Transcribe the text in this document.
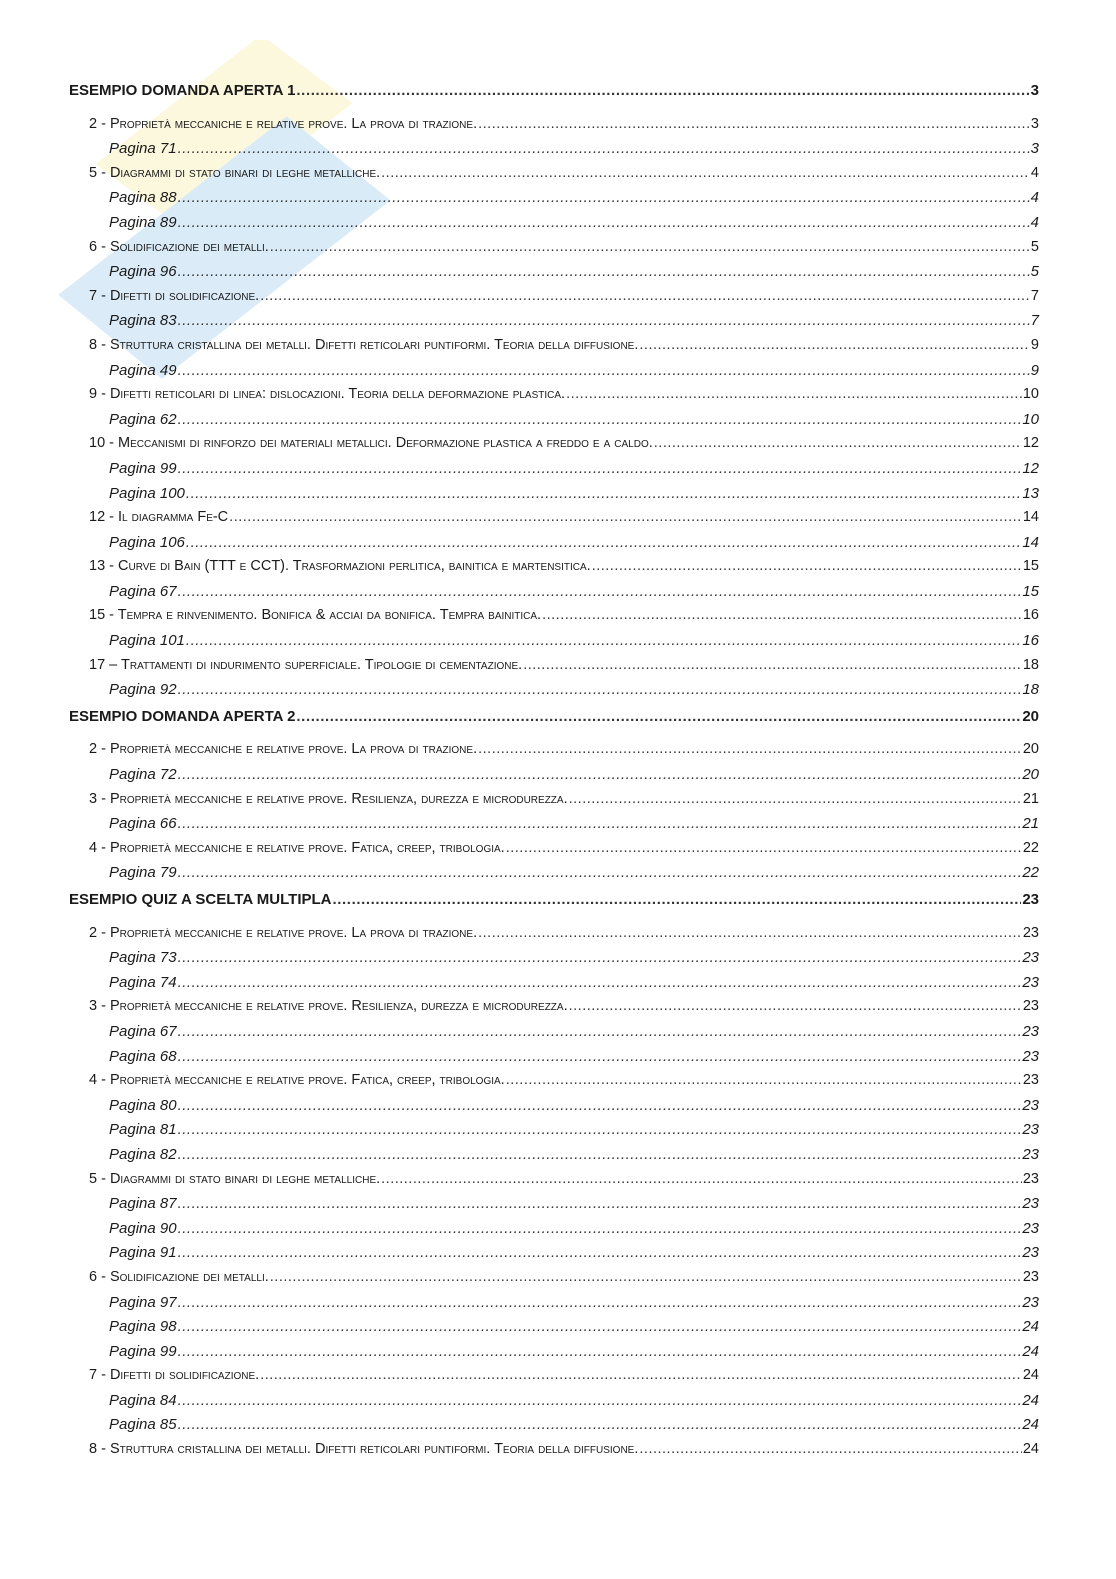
ESEMPIO DOMANDA APERTA 1 .....	3
2 - Proprietà meccaniche e relative prove. La prova di trazione. .....	3
Pagina 71 .....	3
5 - Diagrammi di stato binari di leghe metalliche. .....	4
Pagina 88 .....	4
Pagina 89 .....	4
6 - Solidificazione dei metalli. .....	5
Pagina 96 .....	5
7 - Difetti di solidificazione. .....	7
Pagina 83 .....	7
8 - Struttura cristallina dei metalli. Difetti reticolari puntiformi. Teoria della diffusione. .....	9
Pagina 49 .....	9
9 - Difetti reticolari di linea: dislocazioni. Teoria della deformazione plastica. .....	10
Pagina 62 .....	10
10 - Meccanismi di rinforzo dei materiali metallici. Deformazione plastica a freddo e a caldo. .....	12
Pagina 99 .....	12
Pagina 100 .....	13
12 - Il diagramma Fe-C .....	14
Pagina 106 .....	14
13 - Curve di Bain (TTT e CCT). Trasformazioni perlitica, bainitica e martensitica. .....	15
Pagina 67 .....	15
15 - Tempra e rinvenimento. Bonifica & acciai da bonifica. Tempra bainitica. .....	16
Pagina 101 .....	16
17 – Trattamenti di indurimento superficiale. Tipologie di cementazione. .....	18
Pagina 92 .....	18
ESEMPIO DOMANDA APERTA 2 .....	20
2 - Proprietà meccaniche e relative prove. La prova di trazione. .....	20
Pagina 72 .....	20
3 - Proprietà meccaniche e relative prove. Resilienza, durezza e microdurezza. .....	21
Pagina 66 .....	21
4 - Proprietà meccaniche e relative prove. Fatica, creep, tribologia. .....	22
Pagina 79 .....	22
ESEMPIO QUIZ A SCELTA MULTIPLA .....	23
2 - Proprietà meccaniche e relative prove. La prova di trazione. .....	23
Pagina 73 .....	23
Pagina 74 .....	23
3 - Proprietà meccaniche e relative prove. Resilienza, durezza e microdurezza. .....	23
Pagina 67 .....	23
Pagina 68 .....	23
4 - Proprietà meccaniche e relative prove. Fatica, creep, tribologia. .....	23
Pagina 80 .....	23
Pagina 81 .....	23
Pagina 82 .....	23
5 - Diagrammi di stato binari di leghe metalliche. .....	23
Pagina 87 .....	23
Pagina 90 .....	23
Pagina 91 .....	23
6 - Solidificazione dei metalli. .....	23
Pagina 97 .....	23
Pagina 98 .....	24
Pagina 99 .....	24
7 - Difetti di solidificazione. .....	24
Pagina 84 .....	24
Pagina 85 .....	24
8 - Struttura cristallina dei metalli. Difetti reticolari puntiformi. Teoria della diffusione. .....	24
